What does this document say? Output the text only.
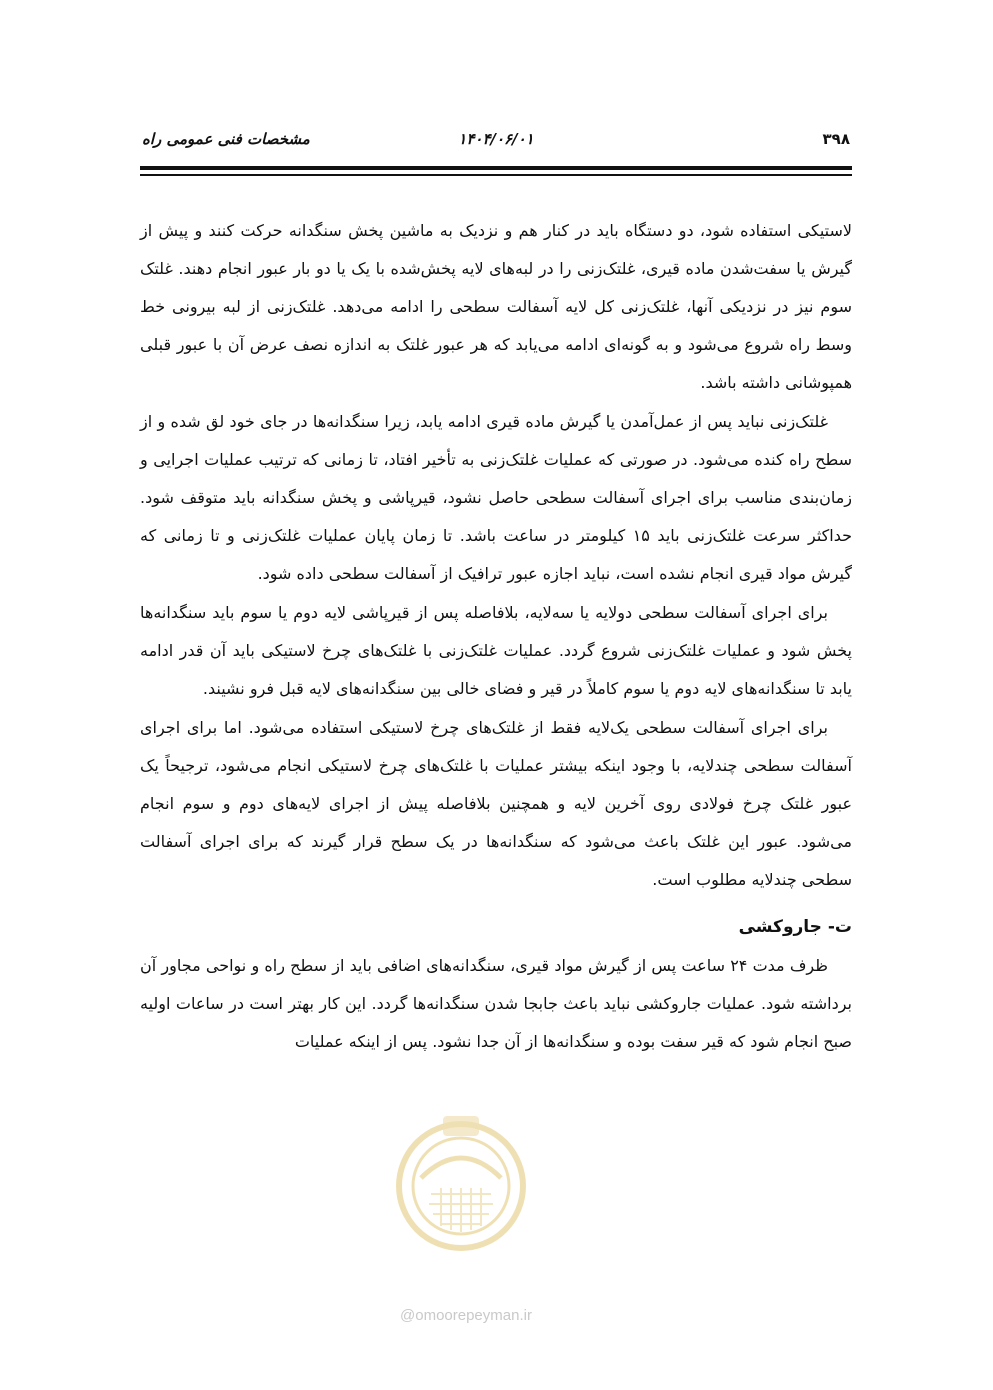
۳۹۸
۱۴۰۴/۰۶/۰۱
مشخصات فنی عمومی راه

لاستیکی استفاده شود، دو دستگاه باید در کنار هم و نزدیک به ماشین پخش سنگدانه حرکت کنند و پیش از گیرش یا سفت‌شدن ماده قیری، غلتک‌زنی را در لبه‌های لایه پخش‌شده با یک یا دو بار عبور انجام دهند. غلتک سوم نیز در نزدیکی آنها، غلتک‌زنی کل لایه آسفالت سطحی را ادامه می‌دهد. غلتک‌زنی از لبه بیرونی خط وسط راه شروع می‌شود و به گونه‌ای ادامه می‌یابد که هر عبور غلتک به اندازه نصف عرض آن با عبور قبلی همپوشانی داشته باشد.

غلتک‌زنی نباید پس از عمل‌آمدن یا گیرش ماده قیری ادامه یابد، زیرا سنگدانه‌ها در جای خود لق شده و از سطح راه کنده می‌شود. در صورتی که عملیات غلتک‌زنی به تأخیر افتاد، تا زمانی که ترتیب عملیات اجرایی و زمان‌بندی مناسب برای اجرای آسفالت سطحی حاصل نشود، قیرپاشی و پخش سنگدانه باید متوقف شود. حداکثر سرعت غلتک‌زنی باید ۱۵ کیلومتر در ساعت باشد. تا زمان پایان عملیات غلتک‌زنی و تا زمانی که گیرش مواد قیری انجام نشده است، نباید اجازه عبور ترافیک از آسفالت سطحی داده شود.

برای اجرای آسفالت سطحی دولایه یا سه‌لایه، بلافاصله پس از قیرپاشی لایه دوم یا سوم باید سنگدانه‌ها پخش شود و عملیات غلتک‌زنی شروع گردد. عملیات غلتک‌زنی با غلتک‌های چرخ لاستیکی باید آن قدر ادامه یابد تا سنگدانه‌های لایه دوم یا سوم کاملاً در قیر و فضای خالی بین سنگدانه‌های لایه قبل فرو نشیند.

برای اجرای آسفالت سطحی یک‌لایه فقط از غلتک‌های چرخ لاستیکی استفاده می‌شود. اما برای اجرای آسفالت سطحی چندلایه، با وجود اینکه بیشتر عملیات با غلتک‌های چرخ لاستیکی انجام می‌شود، ترجیحاً یک عبور غلتک چرخ فولادی روی آخرین لایه و همچنین بلافاصله پیش از اجرای لایه‌های دوم و سوم انجام می‌شود. عبور این غلتک باعث می‌شود که سنگدانه‌ها در یک سطح قرار گیرند که برای اجرای آسفالت سطحی چندلایه مطلوب است.

ت- جاروکشی

ظرف مدت ۲۴ ساعت پس از گیرش مواد قیری، سنگدانه‌های اضافی باید از سطح راه و نواحی مجاور آن برداشته شود. عملیات جاروکشی نباید باعث جابجا شدن سنگدانه‌ها گردد. این کار بهتر است در ساعات اولیه صبح انجام شود که قیر سفت بوده و سنگدانه‌ها از آن جدا نشود. پس از اینکه عملیات

@omoorepeyman.ir
